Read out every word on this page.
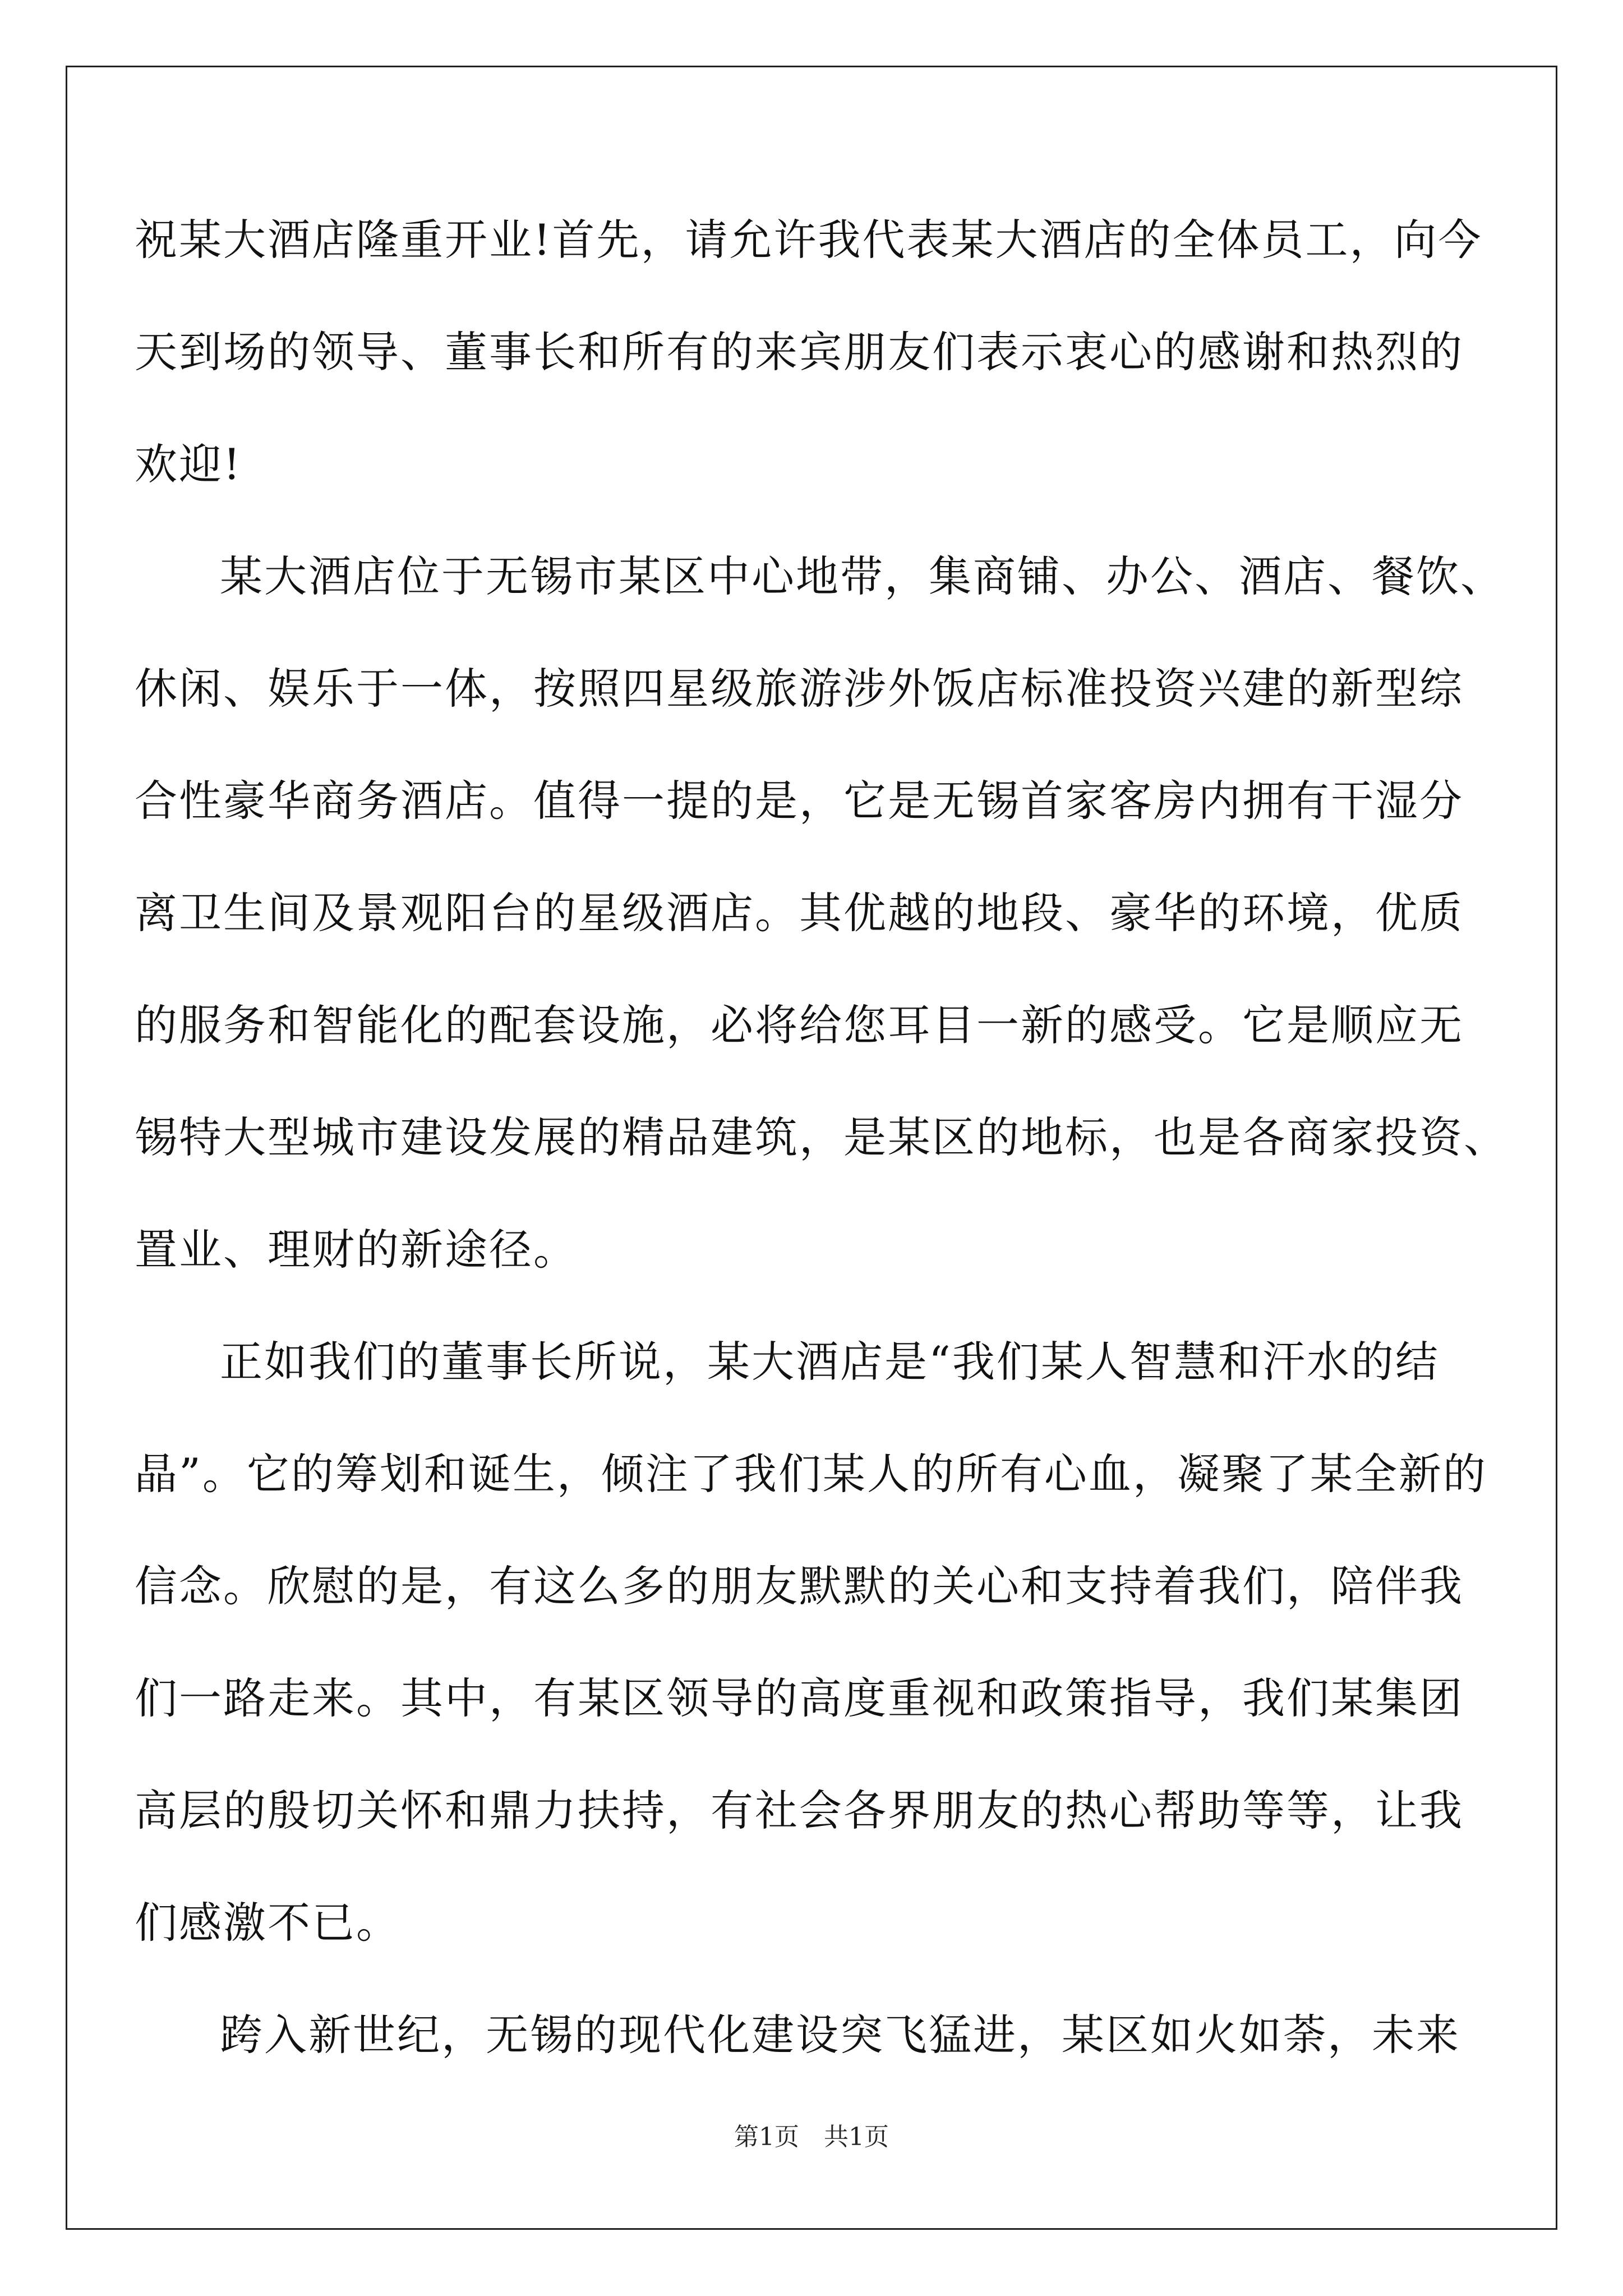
祝某大酒店隆重开业!首先，请允许我代表某大酒店的全体员工，向今
天到场的领导、董事长和所有的来宾朋友们表示衷心的感谢和热烈的
欢迎!
某大酒店位于无锡市某区中心地带，集商铺、办公、酒店、餐饮、
休闲、娱乐于一体，按照四星级旅游涉外饭店标准投资兴建的新型综
合性豪华商务酒店。值得一提的是，它是无锡首家客房内拥有干湿分
离卫生间及景观阳台的星级酒店。其优越的地段、豪华的环境，优质
的服务和智能化的配套设施，必将给您耳目一新的感受。它是顺应无
锡特大型城市建设发展的精品建筑，是某区的地标，也是各商家投资、
置业、理财的新途径。
正如我们的董事长所说，某大酒店是“我们某人智慧和汗水的结
晶”。它的筹划和诞生，倾注了我们某人的所有心血，凝聚了某全新的
信念。欣慰的是，有这么多的朋友默默的关心和支持着我们，陪伴我
们一路走来。其中，有某区领导的高度重视和政策指导，我们某集团
高层的殷切关怀和鼎力扶持，有社会各界朋友的热心帮助等等，让我
们感激不已。
跨入新世纪，无锡的现代化建设突飞猛进，某区如火如荼，未来
第1页　共1页
